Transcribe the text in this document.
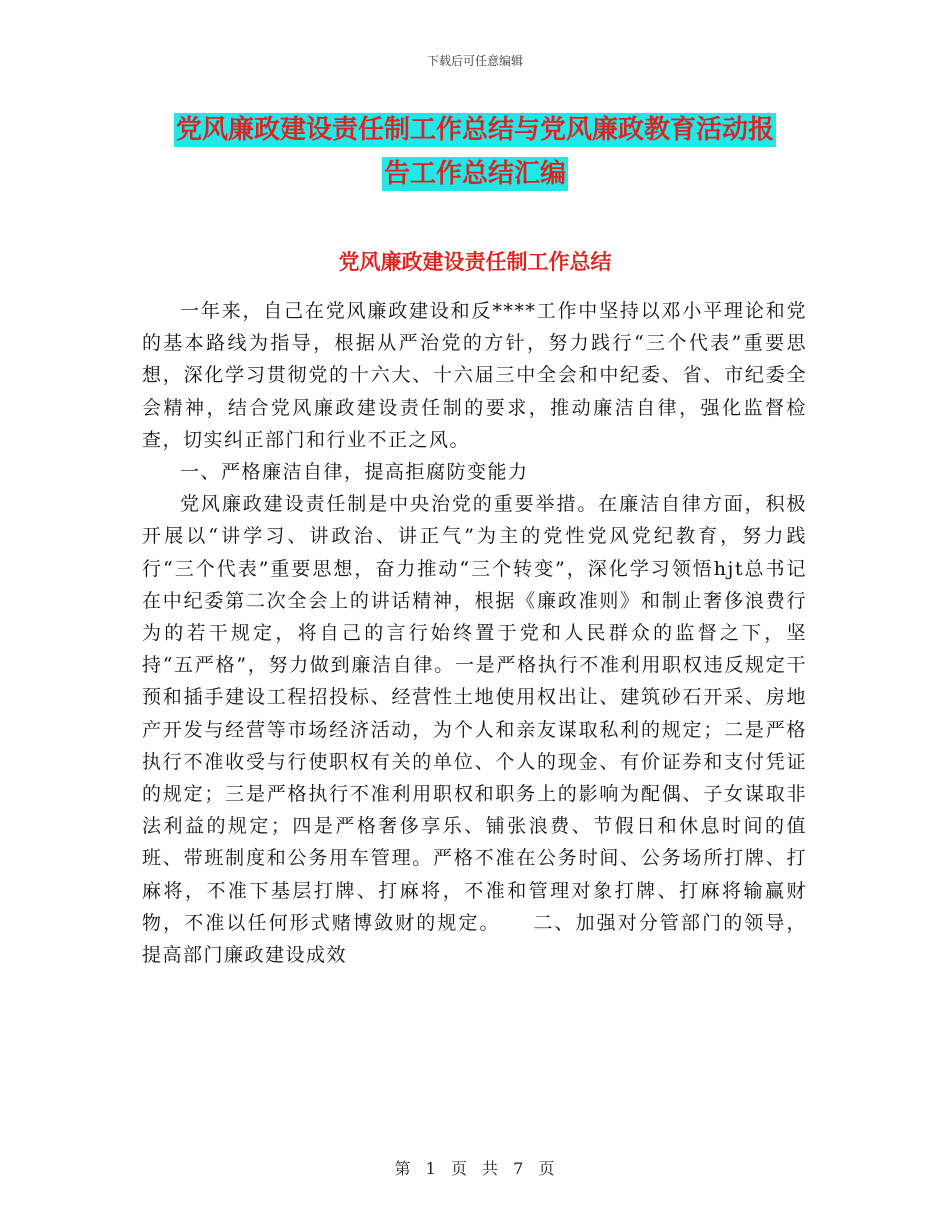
下载后可任意编辑
党风廉政建设责任制工作总结与党风廉政教育活动报
告工作总结汇编
党风廉政建设责任制工作总结

一年来，自己在党风廉政建设和反****工作中坚持以邓小平理论和党的基本路线为指导，根据从严治党的方针，努力践行“三个代表”重要思想，深化学习贯彻党的十六大、十六届三中全会和中纪委、省、市纪委全会精神，结合党风廉政建设责任制的要求，推动廉洁自律，强化监督检查，切实纠正部门和行业不正之风。

一、严格廉洁自律，提高拒腐防变能力

党风廉政建设责任制是中央治党的重要举措。在廉洁自律方面，积极开展以“讲学习、讲政治、讲正气”为主的党性党风党纪教育，努力践行“三个代表”重要思想，奋力推动“三个转变”，深化学习领悟hjt总书记在中纪委第二次全会上的讲话精神，根据《廉政准则》和制止奢侈浪费行为的若干规定，将自己的言行始终置于党和人民群众的监督之下，坚持“五严格”，努力做到廉洁自律。一是严格执行不准利用职权违反规定干预和插手建设工程招投标、经营性土地使用权出让、建筑砂石开采、房地产开发与经营等市场经济活动，为个人和亲友谋取私利的规定；二是严格执行不准收受与行使职权有关的单位、个人的现金、有价证券和支付凭证的规定；三是严格执行不准利用职权和职务上的影响为配偶、子女谋取非法利益的规定；四是严格奢侈享乐、铺张浪费、节假日和休息时间的值班、带班制度和公务用车管理。严格不准在公务时间、公务场所打牌、打麻将，不准下基层打牌、打麻将，不准和管理对象打牌、打麻将输赢财物，不准以任何形式赌博敛财的规定。　　二、加强对分管部门的领导，提高部门廉政建设成效

第 1 页 共 7 页
